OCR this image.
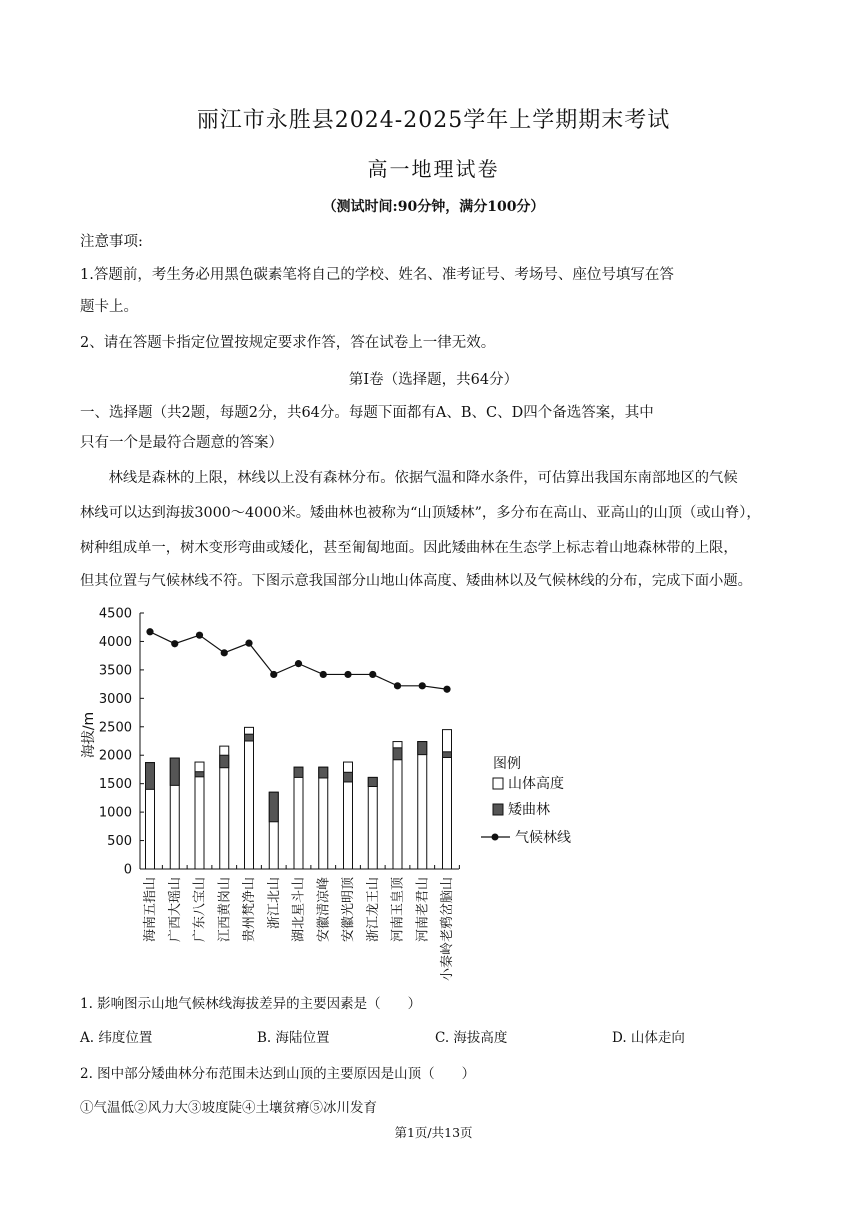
丽江市永胜县2024-2025学年上学期期末考试
高一地理试卷
（测试时间:90分钟，满分100分）
注意事项:
1.答题前，考生务必用黑色碳素笔将自己的学校、姓名、准考证号、考场号、座位号填写在答
题卡上。
2、请在答题卡指定位置按规定要求作答，答在试卷上一律无效。
第Ⅰ卷（选择题，共64分）
一、选择题（共2题，每题2分，共64分。每题下面都有A、B、C、D四个备选答案，其中
只有一个是最符合题意的答案）
林线是森林的上限，林线以上没有森林分布。依据气温和降水条件，可估算出我国东南部地区的气候
林线可以达到海拔3000～4000米。矮曲林也被称为“山顶矮林”，多分布在高山、亚高山的山顶（或山脊），
树种组成单一，树木变形弯曲或矮化，甚至匍匐地面。因此矮曲林在生态学上标志着山地森林带的上限，
但其位置与气候林线不符。下图示意我国部分山地山体高度、矮曲林以及气候林线的分布，完成下面小题。
0
500
1000
1500
2000
2500
3000
3500
4000
4500
海南五指山 广西大瑶山 广东八宝山 江西黄岗山 贵州梵净山 浙江北山 湖北星斗山 安徽清凉峰 安徽光明顶 浙江龙王山 河南玉皇顶 河南老君山 小秦岭老鸦岔脑山
海拔/m
图例
山体高度
矮曲林
气候林线
1. 影响图示山地气候林线海拔差异的主要因素是（　　）
A. 纬度位置	B. 海陆位置	C. 海拔高度	D. 山体走向
2. 图中部分矮曲林分布范围未达到山顶的主要原因是山顶（　　）
①气温低②风力大③坡度陡④土壤贫瘠⑤冰川发育
第1页/共13页
